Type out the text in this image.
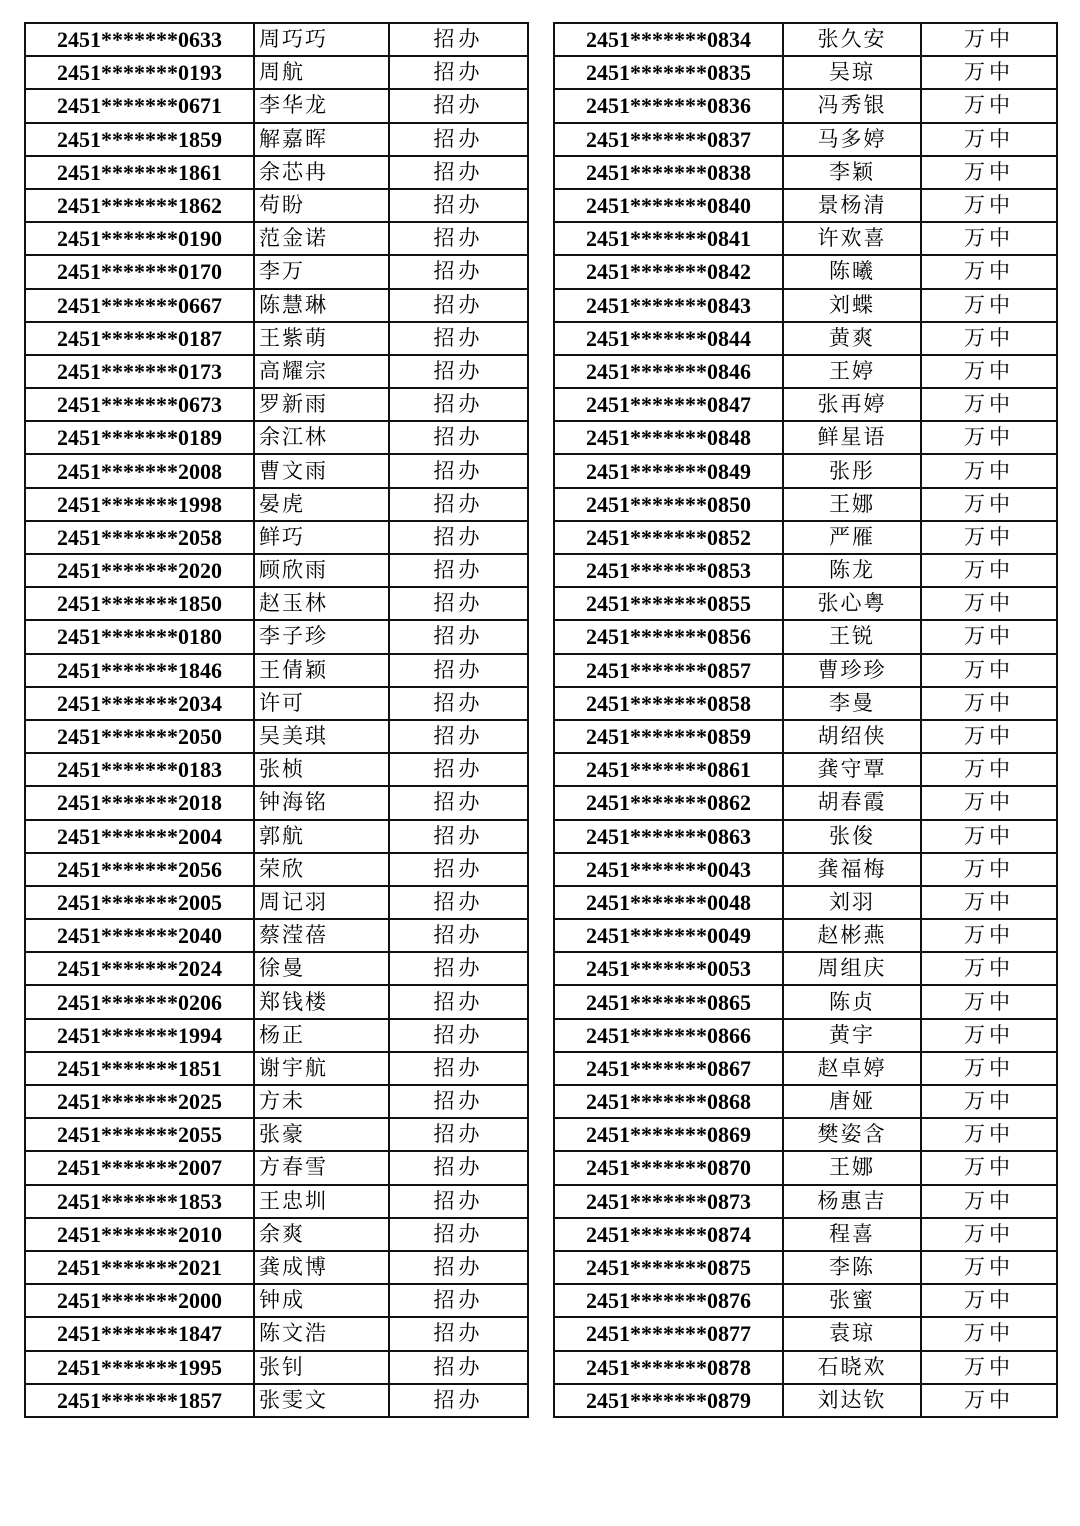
2451*******0633	周巧巧	招办
2451*******0193	周航	招办
2451*******0671	李华龙	招办
2451*******1859	解嘉晖	招办
2451*******1861	余芯冉	招办
2451*******1862	苟盼	招办
2451*******0190	范金诺	招办
2451*******0170	李万	招办
2451*******0667	陈慧琳	招办
2451*******0187	王紫萌	招办
2451*******0173	高耀宗	招办
2451*******0673	罗新雨	招办
2451*******0189	余江林	招办
2451*******2008	曹文雨	招办
2451*******1998	晏虎	招办
2451*******2058	鲜巧	招办
2451*******2020	顾欣雨	招办
2451*******1850	赵玉林	招办
2451*******0180	李子珍	招办
2451*******1846	王倩颖	招办
2451*******2034	许可	招办
2451*******2050	吴美琪	招办
2451*******0183	张桢	招办
2451*******2018	钟海铭	招办
2451*******2004	郭航	招办
2451*******2056	荣欣	招办
2451*******2005	周记羽	招办
2451*******2040	蔡滢蓓	招办
2451*******2024	徐曼	招办
2451*******0206	郑钱楼	招办
2451*******1994	杨正	招办
2451*******1851	谢宇航	招办
2451*******2025	方未	招办
2451*******2055	张豪	招办
2451*******2007	方春雪	招办
2451*******1853	王忠圳	招办
2451*******2010	余爽	招办
2451*******2021	龚成博	招办
2451*******2000	钟成	招办
2451*******1847	陈文浩	招办
2451*******1995	张钊	招办
2451*******1857	张雯文	招办
2451*******0834	张久安	万中
2451*******0835	吴琼	万中
2451*******0836	冯秀银	万中
2451*******0837	马多婷	万中
2451*******0838	李颖	万中
2451*******0840	景杨清	万中
2451*******0841	许欢喜	万中
2451*******0842	陈曦	万中
2451*******0843	刘蝶	万中
2451*******0844	黄爽	万中
2451*******0846	王婷	万中
2451*******0847	张再婷	万中
2451*******0848	鲜星语	万中
2451*******0849	张彤	万中
2451*******0850	王娜	万中
2451*******0852	严雁	万中
2451*******0853	陈龙	万中
2451*******0855	张心粤	万中
2451*******0856	王锐	万中
2451*******0857	曹珍珍	万中
2451*******0858	李曼	万中
2451*******0859	胡绍侠	万中
2451*******0861	龚守覃	万中
2451*******0862	胡春霞	万中
2451*******0863	张俊	万中
2451*******0043	龚福梅	万中
2451*******0048	刘羽	万中
2451*******0049	赵彬燕	万中
2451*******0053	周组庆	万中
2451*******0865	陈贞	万中
2451*******0866	黄宇	万中
2451*******0867	赵卓婷	万中
2451*******0868	唐娅	万中
2451*******0869	樊姿含	万中
2451*******0870	王娜	万中
2451*******0873	杨惠吉	万中
2451*******0874	程喜	万中
2451*******0875	李陈	万中
2451*******0876	张蜜	万中
2451*******0877	袁琼	万中
2451*******0878	石晓欢	万中
2451*******0879	刘达钦	万中
